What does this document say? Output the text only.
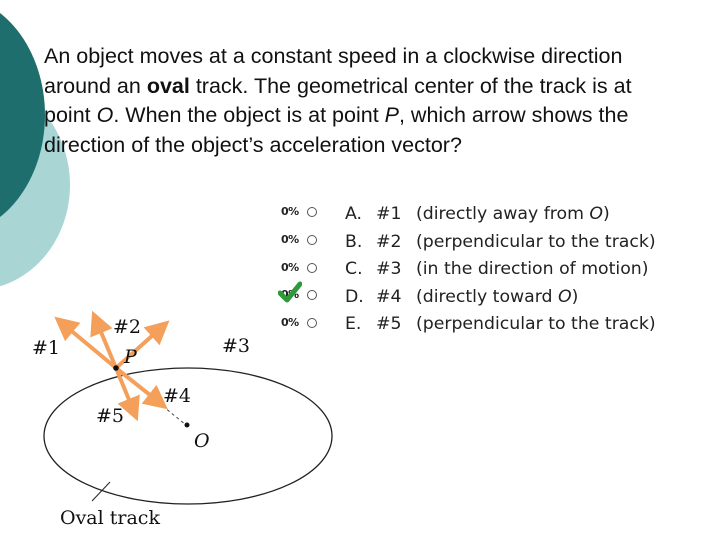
An object moves at a constant speed in a clockwise direction
around an oval track. The geometrical center of the track is at
point O. When the object is at point P, which arrow shows the
direction of the object’s acceleration vector?

#1
#2
#3
#4
#5
P
O
Oval track
0%
0%
0%
0%
0%
A. #1 (directly away from O)
B. #2 (perpendicular to the track)
C. #3 (in the direction of motion)
D. #4 (directly toward O)
E. #5 (perpendicular to the track)
